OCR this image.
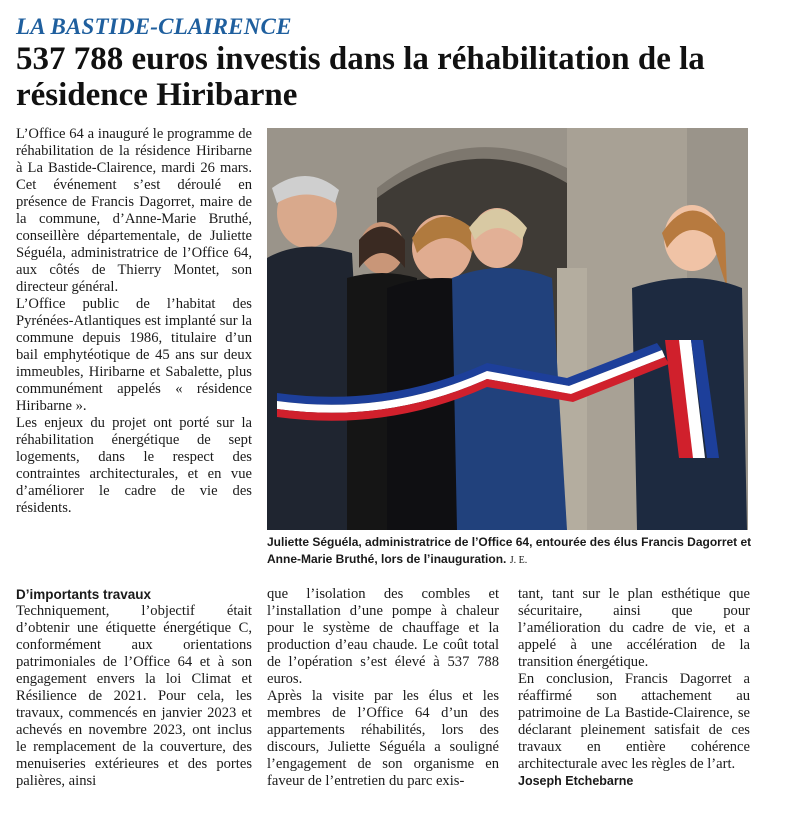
LA BASTIDE-CLAIRENCE
537 788 euros investis dans la réhabilitation de la résidence Hiribarne

L’Office 64 a inauguré le programme de réhabilitation de la résidence Hiribarne à La Bastide-Clairence, mardi 26 mars. Cet événement s’est déroulé en présence de Francis Dagorret, maire de la commune, d’Anne-Marie Bruthé, conseillère départementale, de Juliette Séguéla, administratrice de l’Office 64, aux côtés de Thierry Montet, son directeur général.

L’Office public de l’habitat des Pyrénées-Atlantiques est implanté sur la commune depuis 1986, titulaire d’un bail emphytéotique de 45 ans sur deux immeubles, Hiribarne et Sabalette, plus communément appelés « résidence Hiribarne ».

Les enjeux du projet ont porté sur la réhabilitation énergétique de sept logements, dans le respect des contraintes architecturales, et en vue d’améliorer le cadre de vie des résidents.

Juliette Séguéla, administratrice de l’Office 64, entourée des élus Francis Dagorret et Anne-Marie Bruthé, lors de l’inauguration. J. E.

D’importants travaux

Techniquement, l’objectif était d’obtenir une étiquette énergétique C, conformément aux orientations patrimoniales de l’Office 64 et à son engagement envers la loi Climat et Résilience de 2021. Pour cela, les travaux, commencés en janvier 2023 et achevés en novembre 2023, ont inclus le remplacement de la couverture, des menuiseries extérieures et des portes palières, ainsi

que l’isolation des combles et l’installation d’une pompe à chaleur pour le système de chauffage et la production d’eau chaude. Le coût total de l’opération s’est élevé à 537 788 euros.

Après la visite par les élus et les membres de l’Office 64 d’un des appartements réhabilités, lors des discours, Juliette Séguéla a souligné l’engagement de son organisme en faveur de l’entretien du parc exis-

tant, tant sur le plan esthétique que sécuritaire, ainsi que pour l’amélioration du cadre de vie, et a appelé à une accélération de la transition énergétique.

En conclusion, Francis Dagorret a réaffirmé son attachement au patrimoine de La Bastide-Clairence, se déclarant pleinement satisfait de ces travaux en entière cohérence architecturale avec les règles de l’art.

Joseph Etchebarne
